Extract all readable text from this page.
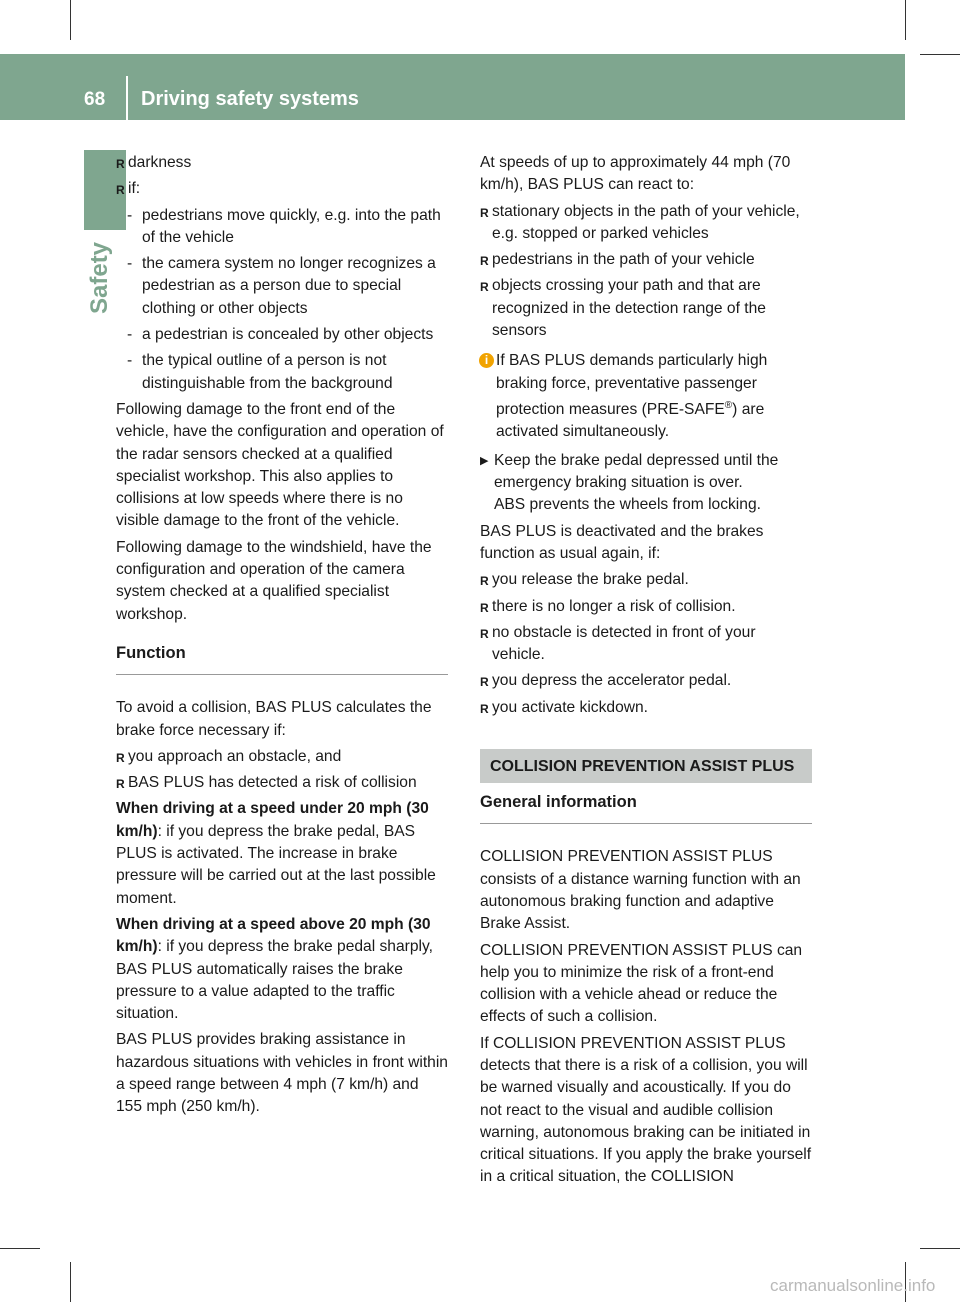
68 Driving safety systems
Safety
R darkness
R if:
- pedestrians move quickly, e.g. into the path of the vehicle
- the camera system no longer recognizes a pedestrian as a person due to special clothing or other objects
- a pedestrian is concealed by other objects
- the typical outline of a person is not distinguishable from the background

Following damage to the front end of the vehicle, have the configuration and operation of the radar sensors checked at a qualified specialist workshop. This also applies to collisions at low speeds where there is no visible damage to the front of the vehicle.

Following damage to the windshield, have the configuration and operation of the camera system checked at a qualified specialist workshop.

Function

To avoid a collision, BAS PLUS calculates the brake force necessary if:

R you approach an obstacle, and
R BAS PLUS has detected a risk of collision

When driving at a speed under 20 mph (30 km/h): if you depress the brake pedal, BAS PLUS is activated. The increase in brake pressure will be carried out at the last possible moment.

When driving at a speed above 20 mph (30 km/h): if you depress the brake pedal sharply, BAS PLUS automatically raises the brake pressure to a value adapted to the traffic situation.

BAS PLUS provides braking assistance in hazardous situations with vehicles in front within a speed range between 4 mph (7 km/h) and 155 mph (250 km/h).

At speeds of up to approximately 44 mph (70 km/h), BAS PLUS can react to:

R stationary objects in the path of your vehicle, e.g. stopped or parked vehicles
R pedestrians in the path of your vehicle
R objects crossing your path and that are recognized in the detection range of the sensors
i If BAS PLUS demands particularly high braking force, preventative passenger protection measures (PRE-SAFE®) are activated simultaneously.
▶ Keep the brake pedal depressed until the emergency braking situation is over.
ABS prevents the wheels from locking.

BAS PLUS is deactivated and the brakes function as usual again, if:

R you release the brake pedal.
R there is no longer a risk of collision.
R no obstacle is detected in front of your vehicle.
R you depress the accelerator pedal.
R you activate kickdown.
COLLISION PREVENTION ASSIST PLUS
General information

COLLISION PREVENTION ASSIST PLUS consists of a distance warning function with an autonomous braking function and adaptive Brake Assist.

COLLISION PREVENTION ASSIST PLUS can help you to minimize the risk of a front-end collision with a vehicle ahead or reduce the effects of such a collision.

If COLLISION PREVENTION ASSIST PLUS detects that there is a risk of a collision, you will be warned visually and acoustically. If you do not react to the visual and audible collision warning, autonomous braking can be initiated in critical situations. If you apply the brake yourself in a critical situation, the COLLISION

carmanualsonline.info
